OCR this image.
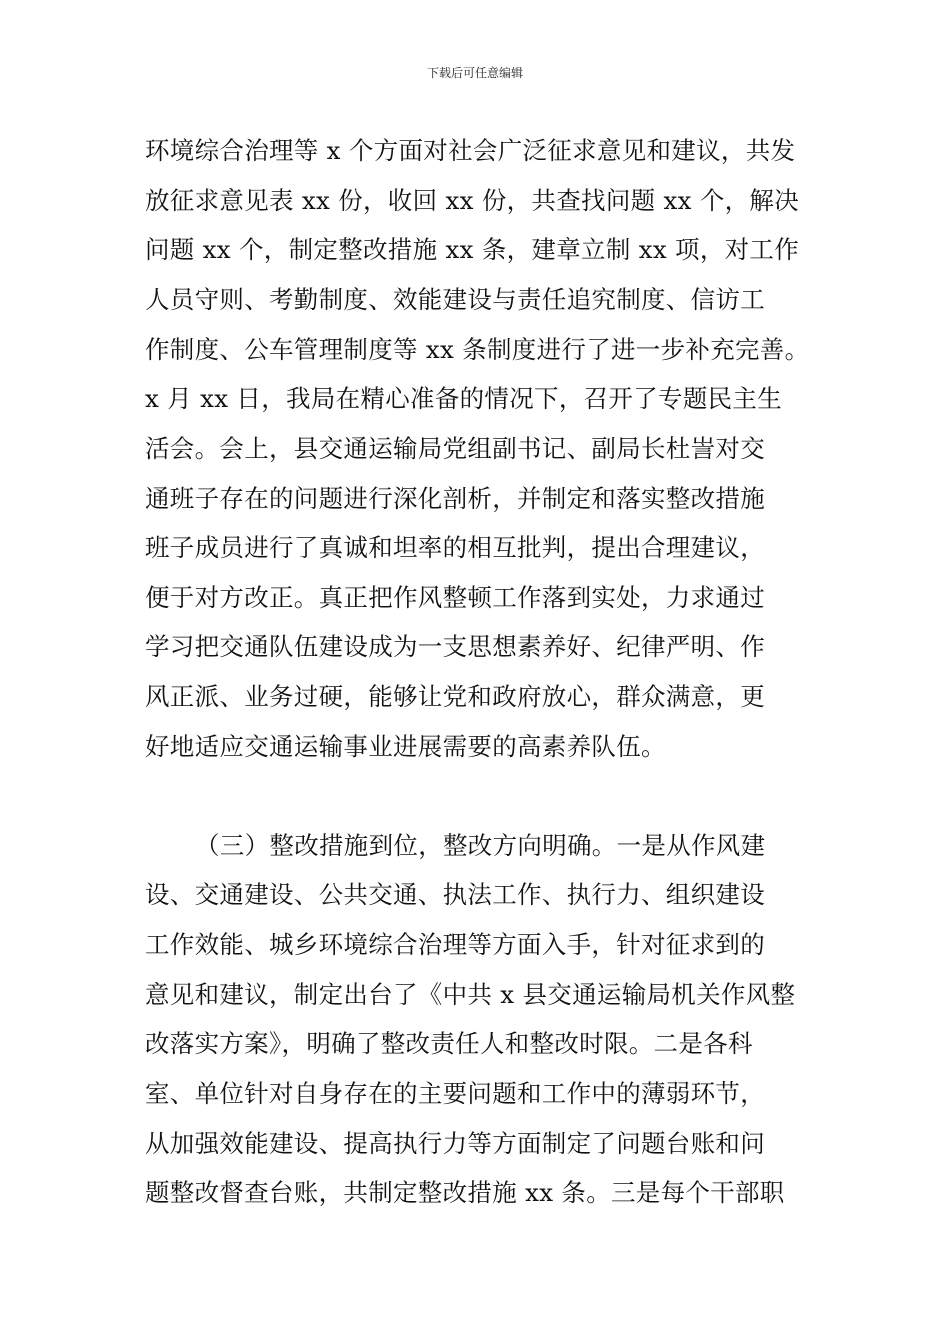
下载后可任意编辑
环境综合治理等 x 个方面对社会广泛征求意见和建议，共发
放征求意见表 xx 份，收回 xx 份，共查找问题 xx 个，解决
问题 xx 个，制定整改措施 xx 条，建章立制 xx 项，对工作
人员守则、考勤制度、效能建设与责任追究制度、信访工
作制度、公车管理制度等 xx 条制度进行了进一步补充完善。
x 月 xx 日，我局在精心准备的情况下，召开了专题民主生
活会。会上，县交通运输局党组副书记、副局长杜訔对交
通班子存在的问题进行深化剖析，并制定和落实整改措施
班子成员进行了真诚和坦率的相互批判，提出合理建议，
便于对方改正。真正把作风整顿工作落到实处，力求通过
学习把交通队伍建设成为一支思想素养好、纪律严明、作
风正派、业务过硬，能够让党和政府放心，群众满意，更
好地适应交通运输事业进展需要的高素养队伍。
（三）整改措施到位，整改方向明确。一是从作风建
设、交通建设、公共交通、执法工作、执行力、组织建设
工作效能、城乡环境综合治理等方面入手，针对征求到的
意见和建议，制定出台了《中共 x 县交通运输局机关作风整
改落实方案》，明确了整改责任人和整改时限。二是各科
室、单位针对自身存在的主要问题和工作中的薄弱环节，
从加强效能建设、提高执行力等方面制定了问题台账和问
题整改督查台账，共制定整改措施 xx 条。三是每个干部职
